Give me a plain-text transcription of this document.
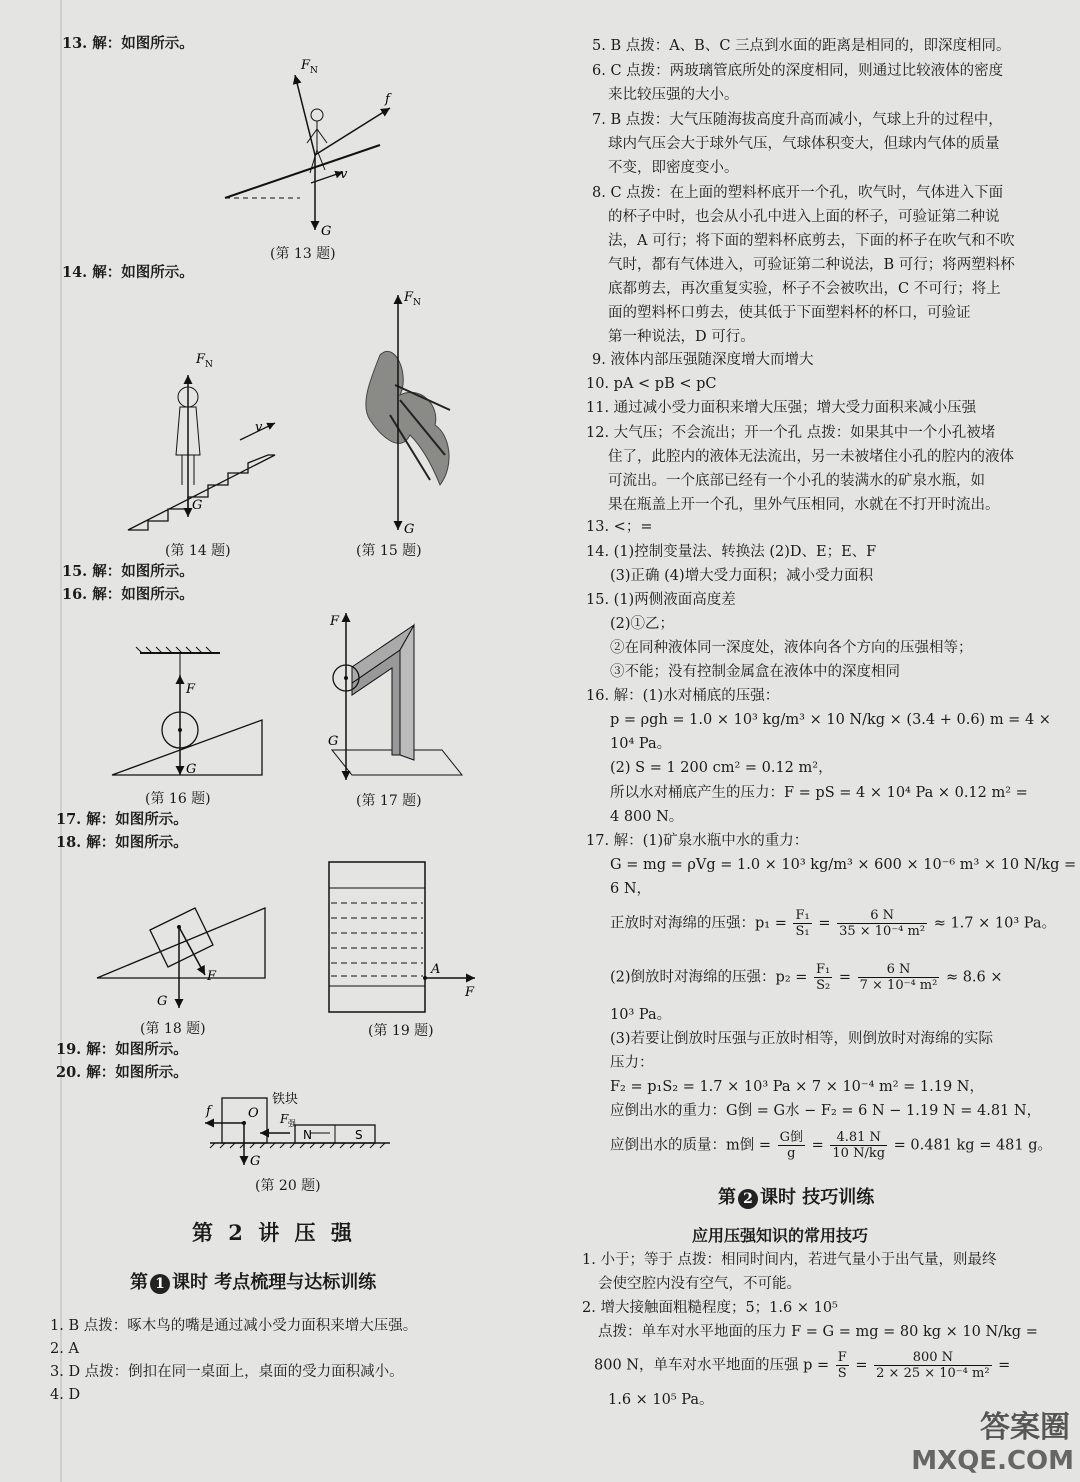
13. 解：如图所示。
F N
f
v
G
(第 13 题)
14. 解：如图所示。
F N
v
G
(第 14 题)
F N
G
(第 15 题)
15. 解：如图所示。
16. 解：如图所示。
F
G
(第 16 题)
F
G
(第 17 题)
17. 解：如图所示。
18. 解：如图所示。
G
F
(第 18 题)
A
F
(第 19 题)
19. 解：如图所示。
20. 解：如图所示。
f	O
铁块
F 强
N	S
G
(第 20 题)
第 2 讲 压 强
第 1 课时 考点梳理与达标训练
1. B 点拨：啄木鸟的嘴是通过减小受力面积来增大压强。
2. A
3. D 点拨：倒扣在同一桌面上，桌面的受力面积减小。
4. D
5. B 点拨：A、B、C 三点到水面的距离是相同的，即深度相同。
6. C 点拨：两玻璃管底所处的深度相同，则通过比较液体的密度
来比较压强的大小。
7. B 点拨：大气压随海拔高度升高而减小，气球上升的过程中，
球内气压会大于球外气压，气球体积变大，但球内气体的质量
不变，即密度变小。
8. C 点拨：在上面的塑料杯底开一个孔，吹气时，气体进入下面
的杯子中时，也会从小孔中进入上面的杯子，可验证第二种说
法，A 可行；将下面的塑料杯底剪去，下面的杯子在吹气和不吹
气时，都有气体进入，可验证第二种说法，B 可行；将两塑料杯
底都剪去，再次重复实验，杯子不会被吹出，C 不可行；将上
面的塑料杯口剪去，使其低于下面塑料杯的杯口，可验证
第一种说法，D 可行。
9. 液体内部压强随深度增大而增大
10. pA < pB < pC
11. 通过减小受力面积来增大压强；增大受力面积来减小压强
12. 大气压；不会流出；开一个孔 点拨：如果其中一个小孔被堵
住了，此腔内的液体无法流出，另一未被堵住小孔的腔内的液体
可流出。一个底部已经有一个小孔的装满水的矿泉水瓶，如
果在瓶盖上开一个孔，里外气压相同，水就在不打开时流出。
13. <；=
14. (1)控制变量法、转换法 (2)D、E；E、F
(3)正确 (4)增大受力面积；减小受力面积
15. (1)两侧液面高度差
(2)①乙；
②在同种液体同一深度处，液体向各个方向的压强相等；
③不能；没有控制金属盒在液体中的深度相同
16. 解：(1)水对桶底的压强：
p = ρgh = 1.0 × 10³ kg/m³ × 10 N/kg × (3.4 + 0.6) m = 4 ×
10⁴ Pa。
(2) S = 1 200 cm² = 0.12 m²，
所以水对桶底产生的压力：F = pS = 4 × 10⁴ Pa × 0.12 m² =
4 800 N。
17. 解：(1)矿泉水瓶中水的重力：
G = mg = ρVg = 1.0 × 10³ kg/m³ × 600 × 10⁻⁶ m³ × 10 N/kg =
6 N，
正放时对海绵的压强：$p_1 = \frac{\text{F₁}}{\text{S₁}} = \frac{6 N}{\text{35 × 10⁻⁴ m²}} \approx 1.7 \times 10^3$ Pa。
(2)倒放时对海绵的压强：$p_2 = \frac{\text{F₁}}{\text{S₂}} = \frac{6 N}{\text{7 × 10⁻⁴ m²}} \approx 8.6$ ×
10³ Pa。
(3)若要让倒放时压强与正放时相等，则倒放时对海绵的实际
压力：
F₂ = p₁S₂ = 1.7 × 10³ Pa × 7 × 10⁻⁴ m² = 1.19 N，
应倒出水的重力：G倒 = G水 − F₂ = 6 N − 1.19 N = 4.81 N，
应倒出水的质量：m倒 = $\frac{\text{G倒}}{g} = \frac{4.81 N}{10 N/kg} = 0.481$ kg = 481 g。
第 2 课时 技巧训练
应用压强知识的常用技巧
1. 小于；等于 点拨：相同时间内，若进气量小于出气量，则最终
会使空腔内没有空气，不可能。
2. 增大接触面粗糙程度；5；1.6 × 10⁵
点拨：单车对水平地面的压力 F = G = mg = 80 kg × 10 N/kg =
800 N，单车对水平地面的压强 $p = \frac{F}{S} = \frac{800 N}{\text{2 × 25 × 10⁻⁴ m²}}$ =
1.6 × 10⁵ Pa。
答案圈
MXQE.COM
